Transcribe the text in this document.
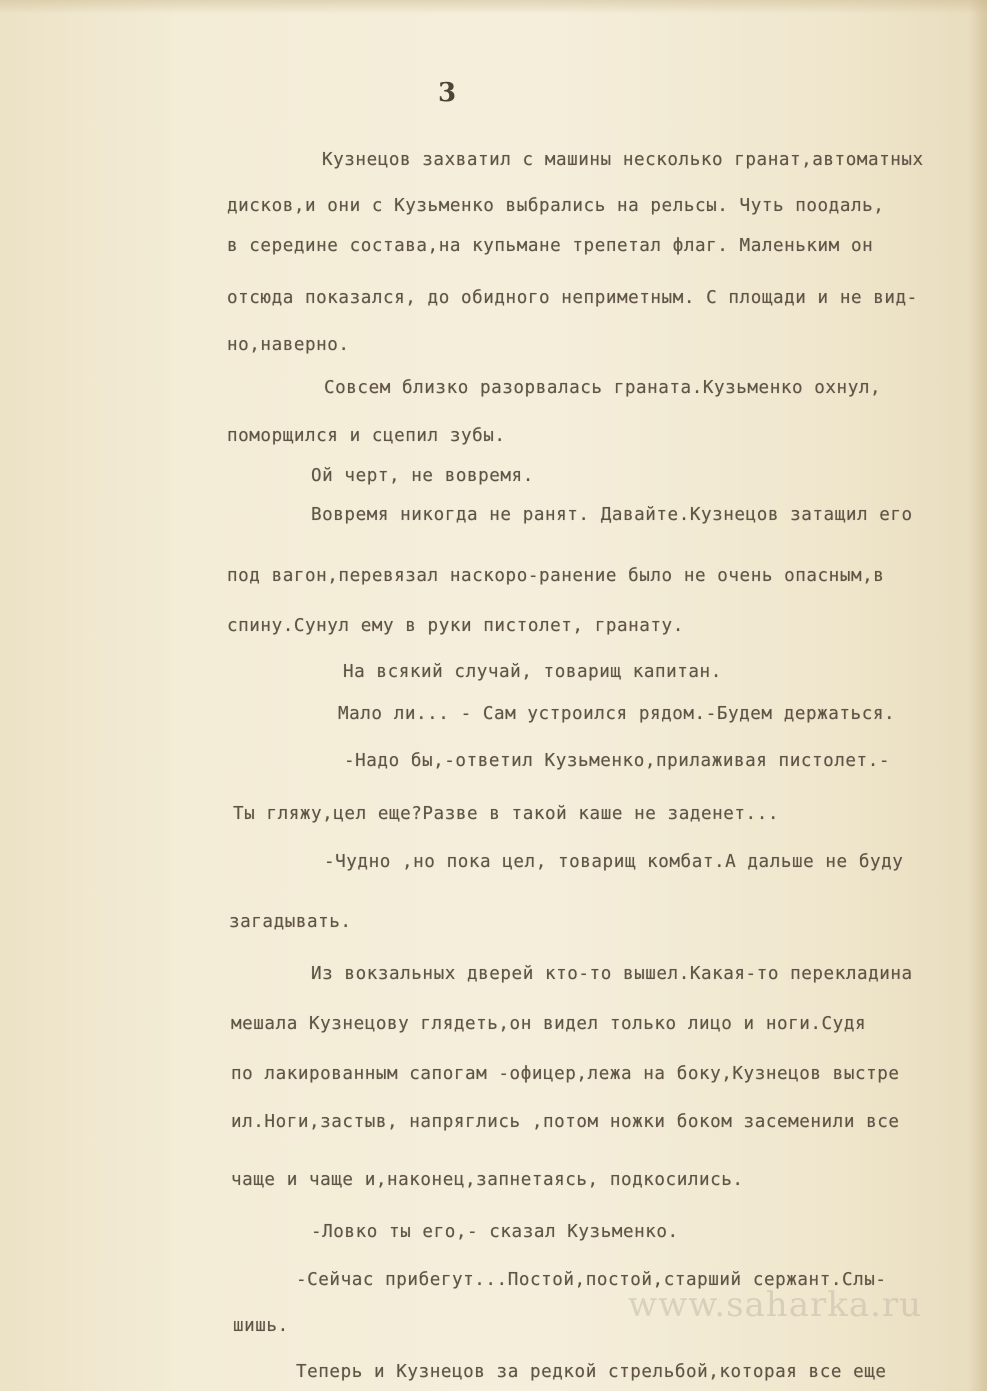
3
Кузнецов захватил с машины несколько гранат,автоматных
дисков,и они с Кузьменко выбрались на рельсы. Чуть поодаль,
в середине состава,на купьмане трепетал флаг. Маленьким он
отсюда показался, до обидного неприметным. С площади и не вид-
но,наверно.
Совсем близко разорвалась граната.Кузьменко охнул,
поморщился и сцепил зубы.
Ой черт, не вовремя.
Вовремя никогда не ранят. Давайте.Кузнецов затащил его
под вагон,перевязал наскоро-ранение было не очень опасным,в
спину.Сунул ему в руки пистолет, гранату.
На всякий случай, товарищ капитан.
Мало ли... - Сам устроился рядом.-Будем держаться.
-Надо бы,-ответил Кузьменко,прилаживая пистолет.-
Ты гляжу,цел еще?Разве в такой каше не заденет...
-Чудно ,но пока цел, товарищ комбат.А дальше не буду
загадывать.
Из вокзальных дверей кто-то вышел.Какая-то перекладина
мешала Кузнецову глядеть,он видел только лицо и ноги.Судя
по лакированным сапогам -офицер,лежа на боку,Кузнецов выстре
ил.Ноги,застыв, напряглись ,потом ножки боком засеменили все
чаще и чаще и,наконец,запнетаясь, подкосились.
-Ловко ты его,- сказал Кузьменко.
-Сейчас прибегут...Постой,постой,старший сержант.Слы-
шишь.
Теперь и Кузнецов за редкой стрельбой,которая все еще
www.saharka.ru
